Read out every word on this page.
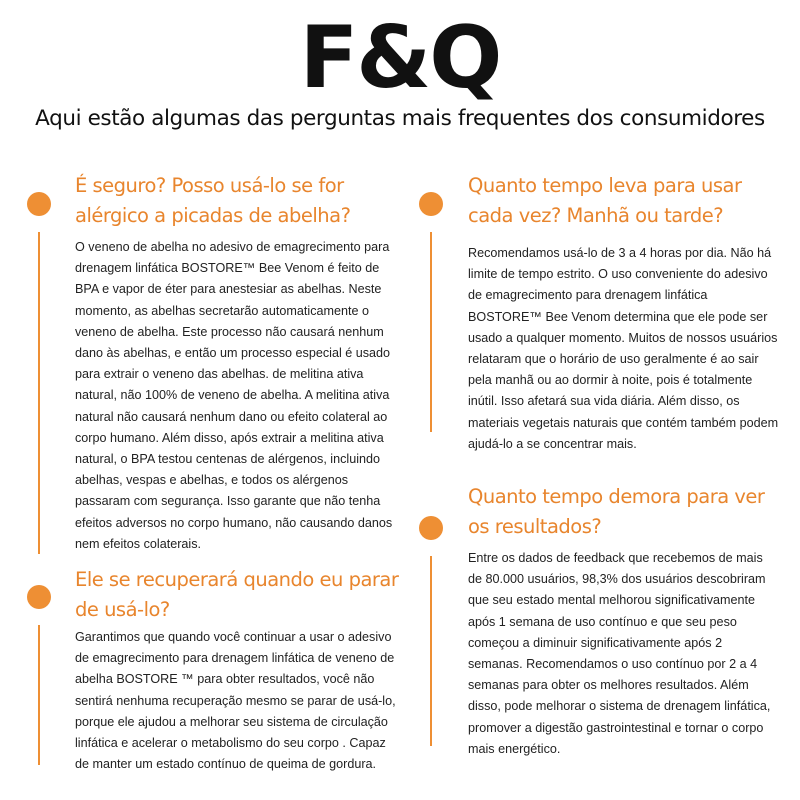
F&Q
Aqui estão algumas das perguntas mais frequentes dos consumidores
É seguro? Posso usá-lo se for alérgico a picadas de abelha?

O veneno de abelha no adesivo de emagrecimento para drenagem linfática BOSTORE™ Bee Venom é feito de BPA e vapor de éter para anestesiar as abelhas. Neste momento, as abelhas secretarão automaticamente o veneno de abelha. Este processo não causará nenhum dano às abelhas, e então um processo especial é usado para extrair o veneno das abelhas. de melitina ativa natural, não 100% de veneno de abelha. A melitina ativa natural não causará nenhum dano ou efeito colateral ao corpo humano. Além disso, após extrair a melitina ativa natural, o BPA testou centenas de alérgenos, incluindo abelhas, vespas e abelhas, e todos os alérgenos passaram com segurança. Isso garante que não tenha efeitos adversos no corpo humano, não causando danos nem efeitos colaterais.

Ele se recuperará quando eu parar de usá-lo?

Garantimos que quando você continuar a usar o adesivo de emagrecimento para drenagem linfática de veneno de abelha BOSTORE ™ para obter resultados, você não sentirá nenhuma recuperação mesmo se parar de usá-lo, porque ele ajudou a melhorar seu sistema de circulação linfática e acelerar o metabolismo do seu corpo . Capaz de manter um estado contínuo de queima de gordura.

Quanto tempo leva para usar cada vez? Manhã ou tarde?

Recomendamos usá-lo de 3 a 4 horas por dia. Não há limite de tempo estrito. O uso conveniente do adesivo de emagrecimento para drenagem linfática BOSTORE™ Bee Venom determina que ele pode ser usado a qualquer momento. Muitos de nossos usuários relataram que o horário de uso geralmente é ao sair pela manhã ou ao dormir à noite, pois é totalmente inútil. Isso afetará sua vida diária. Além disso, os materiais vegetais naturais que contém também podem ajudá-lo a se concentrar mais.

Quanto tempo demora para ver os resultados?

Entre os dados de feedback que recebemos de mais de 80.000 usuários, 98,3% dos usuários descobriram que seu estado mental melhorou significativamente após 1 semana de uso contínuo e que seu peso começou a diminuir significativamente após 2 semanas. Recomendamos o uso contínuo por 2 a 4 semanas para obter os melhores resultados. Além disso, pode melhorar o sistema de drenagem linfática, promover a digestão gastrointestinal e tornar o corpo mais energético.
